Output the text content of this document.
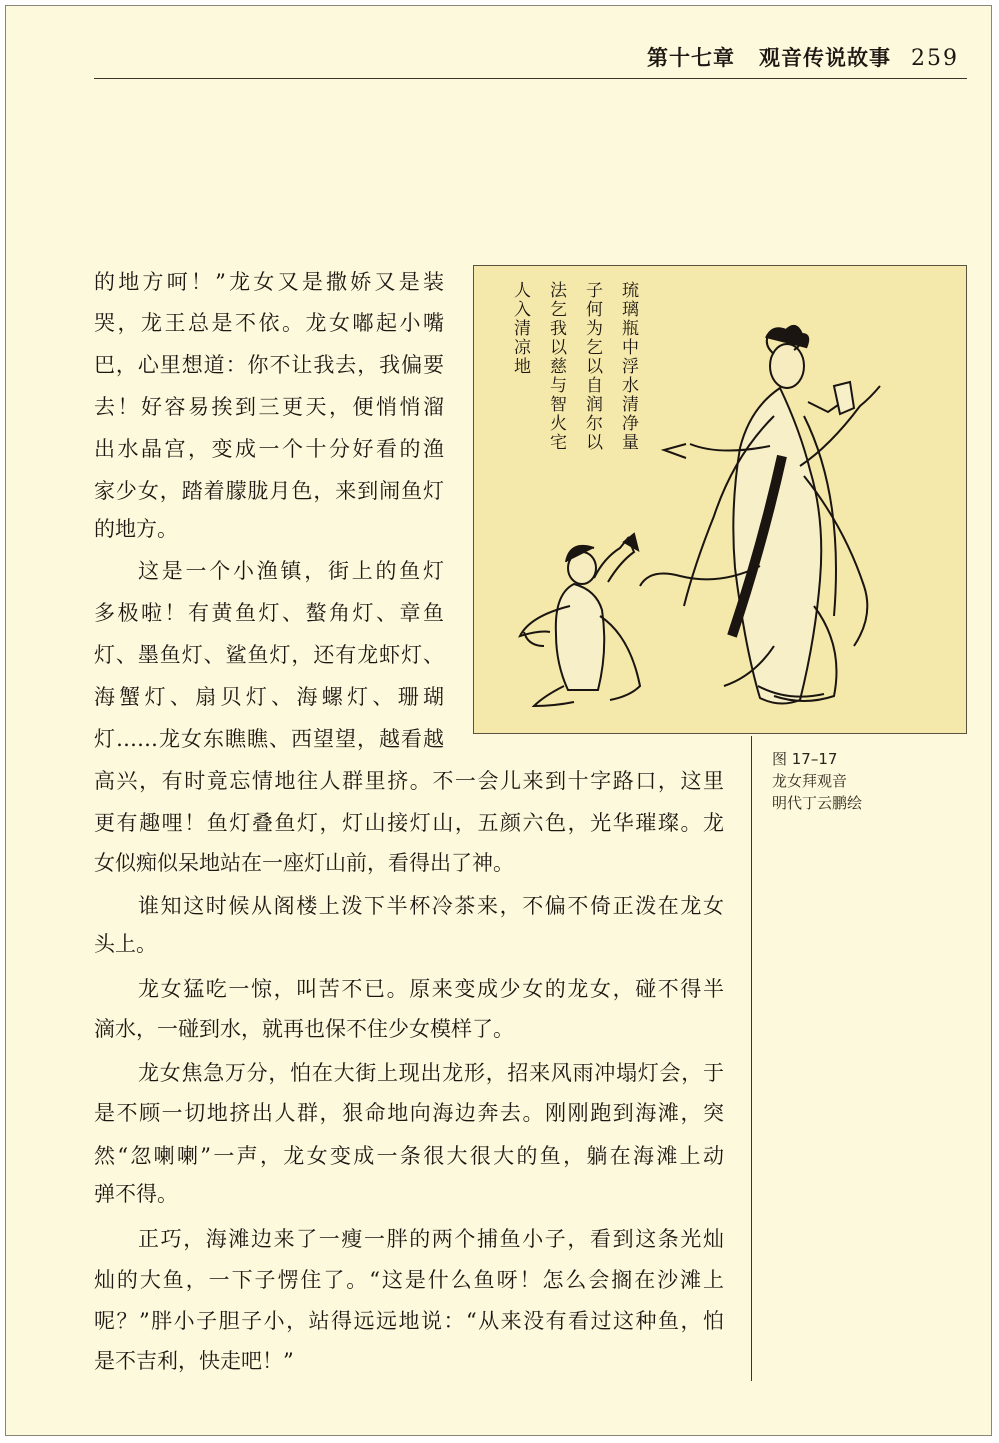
第十七章 观音传说故事 259
琉璃瓶中浮水清净量
子何为乞以自润尔以
法乞我以慈与智火宅
人入清凉地
图 17–17
龙女拜观音
明代丁云鹏绘
的地方呵！”龙女又是撒娇又是装
哭，龙王总是不依。龙女嘟起小嘴
巴，心里想道：你不让我去，我偏要
去！好容易挨到三更天，便悄悄溜
出水晶宫，变成一个十分好看的渔
家少女，踏着朦胧月色，来到闹鱼灯
的地方。
这是一个小渔镇，街上的鱼灯
多极啦！有黄鱼灯、螯角灯、章鱼
灯、墨鱼灯、鲨鱼灯，还有龙虾灯、
海蟹灯、扇贝灯、海螺灯、珊瑚
灯……龙女东瞧瞧、西望望，越看越
高兴，有时竟忘情地往人群里挤。不一会儿来到十字路口，这里
更有趣哩！鱼灯叠鱼灯，灯山接灯山，五颜六色，光华璀璨。龙
女似痴似呆地站在一座灯山前，看得出了神。
谁知这时候从阁楼上泼下半杯冷茶来，不偏不倚正泼在龙女
头上。
龙女猛吃一惊，叫苦不已。原来变成少女的龙女，碰不得半
滴水，一碰到水，就再也保不住少女模样了。
龙女焦急万分，怕在大街上现出龙形，招来风雨冲塌灯会，于
是不顾一切地挤出人群，狠命地向海边奔去。刚刚跑到海滩，突
然“忽喇喇”一声，龙女变成一条很大很大的鱼，躺在海滩上动
弹不得。
正巧，海滩边来了一瘦一胖的两个捕鱼小子，看到这条光灿
灿的大鱼，一下子愣住了。“这是什么鱼呀！怎么会搁在沙滩上
呢？”胖小子胆子小，站得远远地说：“从来没有看过这种鱼，怕
是不吉利，快走吧！”
